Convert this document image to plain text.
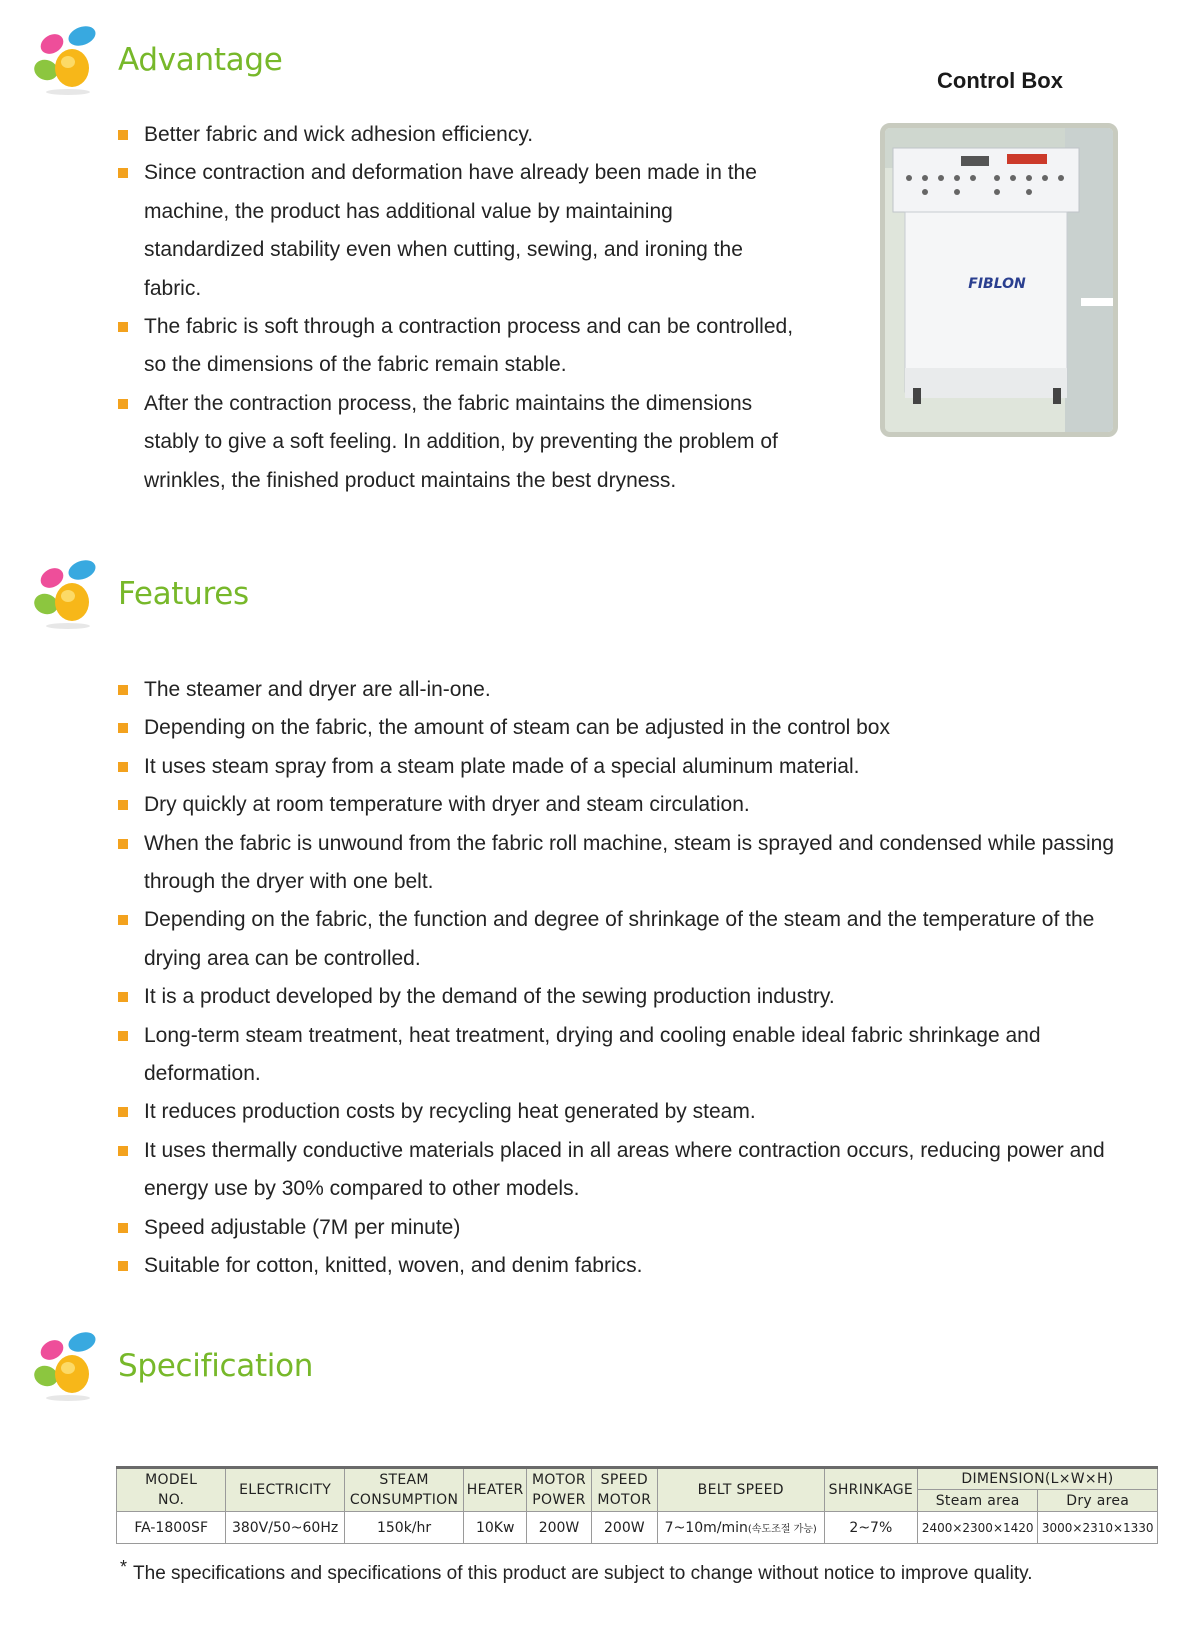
Advantage
Better fabric and wick adhesion efficiency.
Since contraction and deformation have already been made in the machine, the product has additional value by maintaining standardized stability even when cutting, sewing, and ironing the fabric.
The fabric is soft through a contraction process and can be controlled, so the dimensions of the fabric remain stable.
After the contraction process, the fabric maintains the dimensions stably to give a soft feeling. In addition, by preventing the problem of wrinkles, the finished product maintains the best dryness.
Control Box
FIBLON
Features
The steamer and dryer are all-in-one.
Depending on the fabric, the amount of steam can be adjusted in the control box
It uses steam spray from a steam plate made of a special aluminum material.
Dry quickly at room temperature with dryer and steam circulation.
When the fabric is unwound from the fabric roll machine, steam is sprayed and condensed while passing through the dryer with one belt.
Depending on the fabric, the function and degree of shrinkage of the steam and the temperature of the drying area can be controlled.
It is a product developed by the demand of the sewing production industry.
Long-term steam treatment, heat treatment, drying and cooling enable ideal fabric shrinkage and deformation.
It reduces production costs by recycling heat generated by steam.
It uses thermally conductive materials placed in all areas where contraction occurs, reducing power and energy use by 30% compared to other models.
Speed adjustable (7M per minute)
Suitable for cotton, knitted, woven, and denim fabrics.
Specification
MODEL NO.	ELECTRICITY	STEAM CONSUMPTION	HEATER	MOTOR POWER	SPEED MOTOR	BELT SPEED	SHRINKAGE	DIMENSION(L×W×H)	
								Steam area	Dry area
FA-1800SF	380V/50~60Hz	150k/hr	10Kw	200W	200W	7~10m/min(속도조절 가능)	2~7%	2400×2300×1420	3000×2310×1330
* The specifications and specifications of this product are subject to change without notice to improve quality.
